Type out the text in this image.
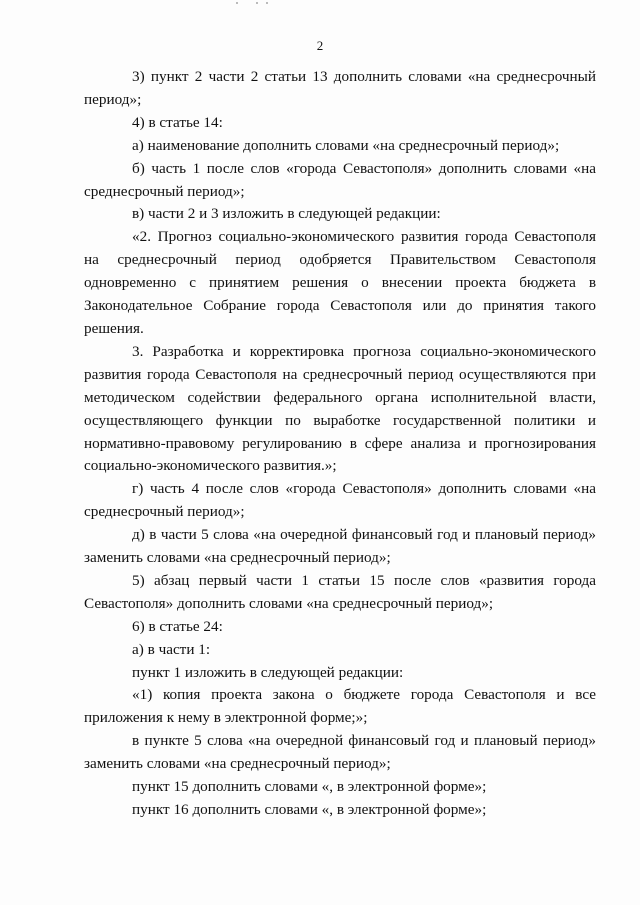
2

3) пункт 2 части 2 статьи 13 дополнить словами «на среднесрочный период»;

4) в статье 14:

а) наименование дополнить словами «на среднесрочный период»;

б) часть 1 после слов «города Севастополя» дополнить словами «на среднесрочный период»;

в) части 2 и 3 изложить в следующей редакции:

«2. Прогноз социально-экономического развития города Севастополя на среднесрочный период одобряется Правительством Севастополя одновременно с принятием решения о внесении проекта бюджета в Законодательное Собрание города Севастополя или до принятия такого решения.

3. Разработка и корректировка прогноза социально-экономического развития города Севастополя на среднесрочный период осуществляются при методическом содействии федерального органа исполнительной власти, осуществляющего функции по выработке государственной политики и нормативно-правовому регулированию в сфере анализа и прогнозирования социально-экономического развития.»;

г) часть 4 после слов «города Севастополя» дополнить словами «на среднесрочный период»;

д) в части 5 слова «на очередной финансовый год и плановый период» заменить словами «на среднесрочный период»;

5) абзац первый части 1 статьи 15 после слов «развития города Севастополя» дополнить словами «на среднесрочный период»;

6) в статье 24:

а) в части 1:

пункт 1 изложить в следующей редакции:

«1) копия проекта закона о бюджете города Севастополя и все приложения к нему в электронной форме;»;

в пункте 5 слова «на очередной финансовый год и плановый период» заменить словами «на среднесрочный период»;

пункт 15 дополнить словами «, в электронной форме»;

пункт 16 дополнить словами «, в электронной форме»;
